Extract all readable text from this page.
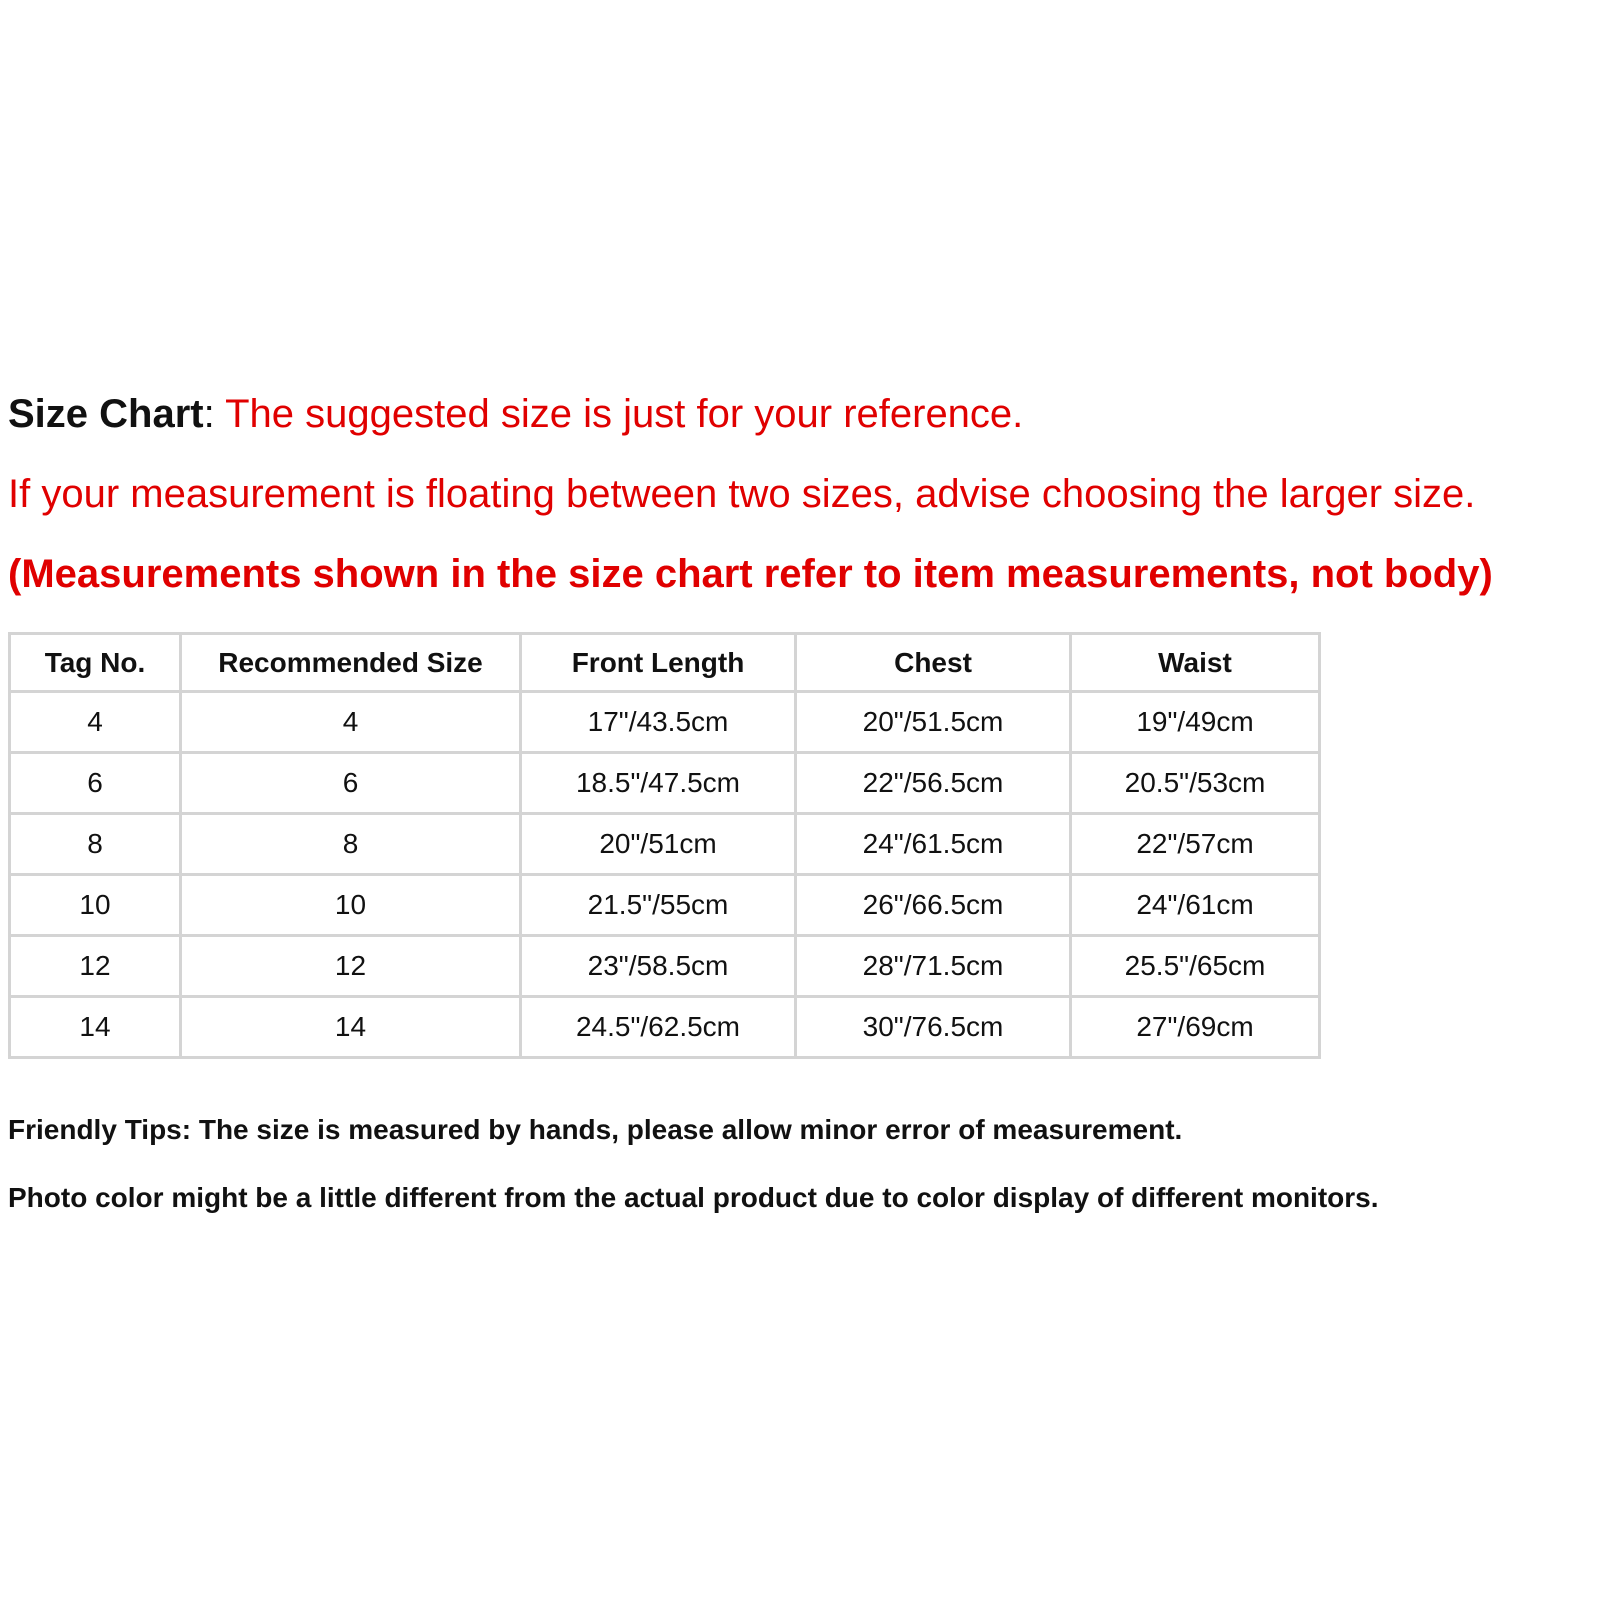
Size Chart: The suggested size is just for your reference.
If your measurement is floating between two sizes, advise choosing the larger size.
(Measurements shown in the size chart refer to item measurements, not body)
Tag No.	Recommended Size	Front Length	Chest	Waist
4	4	17"/43.5cm	20"/51.5cm	19"/49cm
6	6	18.5"/47.5cm	22"/56.5cm	20.5"/53cm
8	8	20"/51cm	24"/61.5cm	22"/57cm
10	10	21.5"/55cm	26"/66.5cm	24"/61cm
12	12	23"/58.5cm	28"/71.5cm	25.5"/65cm
14	14	24.5"/62.5cm	30"/76.5cm	27"/69cm
Friendly Tips: The size is measured by hands, please allow minor error of measurement.
Photo color might be a little different from the actual product due to color display of different monitors.
